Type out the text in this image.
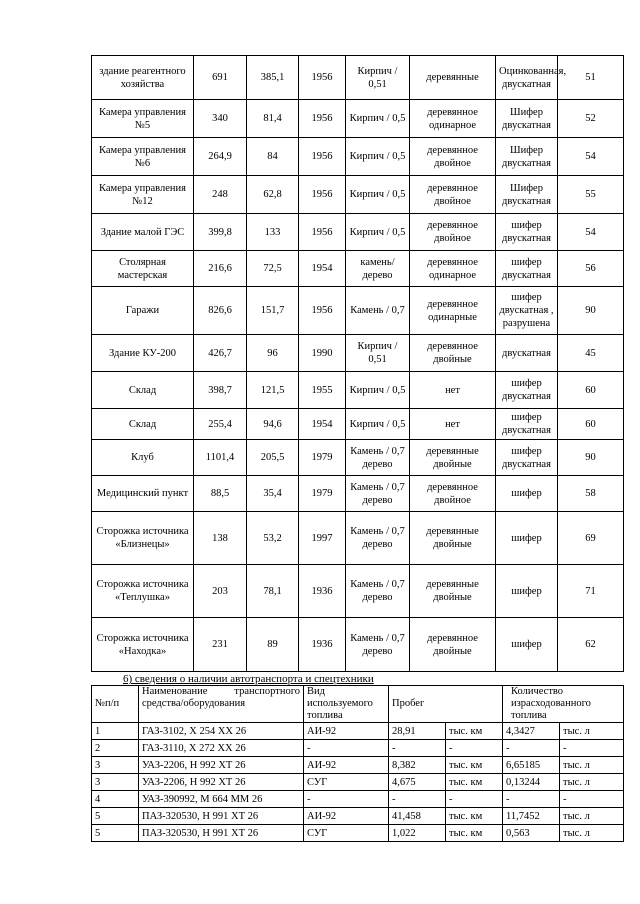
здание реагентного хозяйства	691	385,1	1956	Кирпич / 0,51	деревянные	Оцинкованная, двускатная	51
Камера управления №5	340	81,4	1956	Кирпич / 0,5	деревянное одинарное	Шифер двускатная	52
Камера управления №6	264,9	84	1956	Кирпич / 0,5	деревянное двойное	Шифер двускатная	54
Камера управления №12	248	62,8	1956	Кирпич / 0,5	деревянное двойное	Шифер двускатная	55
Здание малой ГЭС	399,8	133	1956	Кирпич / 0,5	деревянное двойное	шифер двускатная	54
Столярная мастерская	216,6	72,5	1954	камень/дерево	деревянное одинарное	шифер двускатная	56
Гаражи	826,6	151,7	1956	Камень / 0,7	деревянное одинарные	шифер двускатная , разрушена	90
Здание КУ-200	426,7	96	1990	Кирпич / 0,51	деревянное двойные	двускатная	45
Склад	398,7	121,5	1955	Кирпич / 0,5	нет	шифер двускатная	60
Склад	255,4	94,6	1954	Кирпич / 0,5	нет	шифер двускатная	60
Клуб	1101,4	205,5	1979	Камень / 0,7 дерево	деревянные двойные	шифер двускатная	90
Медицинский пункт	88,5	35,4	1979	Камень / 0,7 дерево	деревянное двойное	шифер	58
Сторожка источника «Близнецы»	138	53,2	1997	Камень / 0,7 дерево	деревянные двойные	шифер	69
Сторожка источника «Теплушка»	203	78,1	1936	Камень / 0,7 дерево	деревянные двойные	шифер	71
Сторожка источника «Находка»	231	89	1936	Камень / 0,7 дерево	деревянное двойные	шифер	62
6) сведения о наличии автотранспорта и спецтехники
№п/п	Наименование транспортного средства/оборудования	Вид используемого топлива	Пробег		Количество израсходованного топлива	
1	ГАЗ-3102, Х 254 ХХ 26	АИ-92	28,91	тыс. км	4,3427	тыс. л
2	ГАЗ-3110, Х 272 ХХ 26	-	-	-	-	-
3	УАЗ-2206, Н 992 ХТ 26	АИ-92	8,382	тыс. км	6,65185	тыс. л
3	УАЗ-2206, Н 992 ХТ 26	СУГ	4,675	тыс. км	0,13244	тыс. л
4	УАЗ-390992, М 664 ММ 26	-	-	-	-	-
5	ПАЗ-320530, Н 991 ХТ 26	АИ-92	41,458	тыс. км	11,7452	тыс. л
5	ПАЗ-320530, Н 991 ХТ 26	СУГ	1,022	тыс. км	0,563	тыс. л
